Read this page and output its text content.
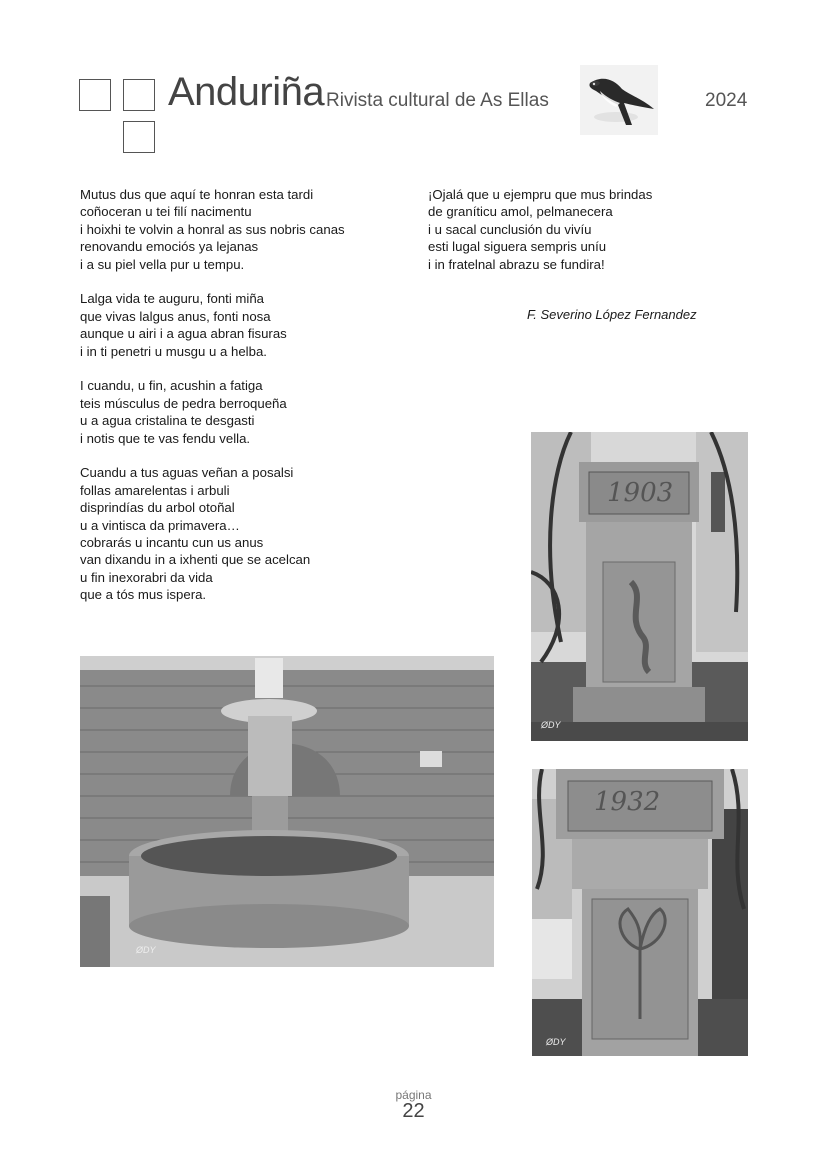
Anduriña Rivista cultural de As Ellas	2024
Mutus dus que aquí te honran esta tardi
coñoceran u tei filí nacimentu
i hoixhi te volvin a honral as sus nobris canas
renovandu emociós ya lejanas
i a su piel vella pur u tempu.
Lalga vida te auguru, fonti miña
que vivas lalgus anus, fonti nosa
aunque u airi i a agua abran fisuras
i in ti penetri u musgu u a helba.
I cuandu, u fin, acushin a fatiga
teis músculus de pedra berroqueña
u a agua cristalina te desgasti
i notis que te vas fendu vella.
Cuandu a tus aguas veñan a posalsi
follas amarelentas i arbuli
disprindías du arbol otoñal
u a vintisca da primavera…
cobrarás u incantu cun us anus
van dixandu in a ixhenti que se acelcan
u fin inexorabri da vida
que a tós mus ispera.
¡Ojalá que u ejempru que mus brindas
de graníticu amol, pelmanecera
i u sacal cunclusión du vivíu
esti lugal siguera sempris uníu
i in fratelnal abrazu se fundira!
F. Severino López Fernandez
ØDY
1903
ØDY
ØDY
1932
página
22
